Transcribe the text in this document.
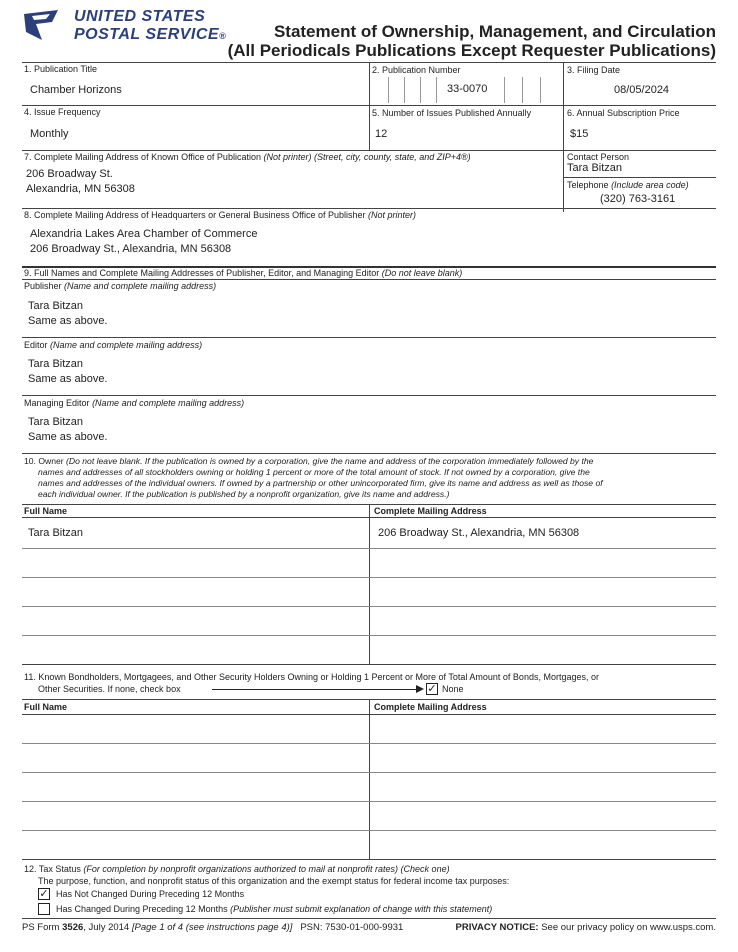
UNITED STATES
POSTAL SERVICE®	Statement of Ownership, Management, and Circulation
(All Periodicals Publications Except Requester Publications)
1. Publication Title
Chamber Horizons
2. Publication Number
33-0070
3. Filing Date
08/05/2024
4. Issue Frequency
Monthly
5. Number of Issues Published Annually
12
6. Annual Subscription Price
$15
7. Complete Mailing Address of Known Office of Publication (Not printer) (Street, city, county, state, and ZIP+4®)
206 Broadway St.
Alexandria, MN 56308
Contact Person
Tara Bitzan
Telephone (Include area code)
(320) 763-3161
8. Complete Mailing Address of Headquarters or General Business Office of Publisher (Not printer)
Alexandria Lakes Area Chamber of Commerce
206 Broadway St., Alexandria, MN 56308
9. Full Names and Complete Mailing Addresses of Publisher, Editor, and Managing Editor (Do not leave blank)
Publisher (Name and complete mailing address)
Tara Bitzan
Same as above.
Editor (Name and complete mailing address)
Tara Bitzan
Same as above.
Managing Editor (Name and complete mailing address)
Tara Bitzan
Same as above.
10. Owner (Do not leave blank. If the publication is owned by a corporation, give the name and address of the corporation immediately followed by the
names and addresses of all stockholders owning or holding 1 percent or more of the total amount of stock. If not owned by a corporation, give the
names and addresses of the individual owners. If owned by a partnership or other unincorporated firm, give its name and address as well as those of
each individual owner. If the publication is published by a nonprofit organization, give its name and address.)
Full Name	Complete Mailing Address
Tara Bitzan	206 Broadway St., Alexandria, MN 56308
11. Known Bondholders, Mortgagees, and Other Security Holders Owning or Holding 1 Percent or More of Total Amount of Bonds, Mortgages, or
Other Securities. If none, check box	✓ None
Full Name	Complete Mailing Address
12. Tax Status (For completion by nonprofit organizations authorized to mail at nonprofit rates) (Check one)
The purpose, function, and nonprofit status of this organization and the exempt status for federal income tax purposes:
✓ Has Not Changed During Preceding 12 Months
Has Changed During Preceding 12 Months (Publisher must submit explanation of change with this statement)
PS Form 3526, July 2014 [Page 1 of 4 (see instructions page 4)] PSN: 7530-01-000-9931	PRIVACY NOTICE: See our privacy policy on www.usps.com.
